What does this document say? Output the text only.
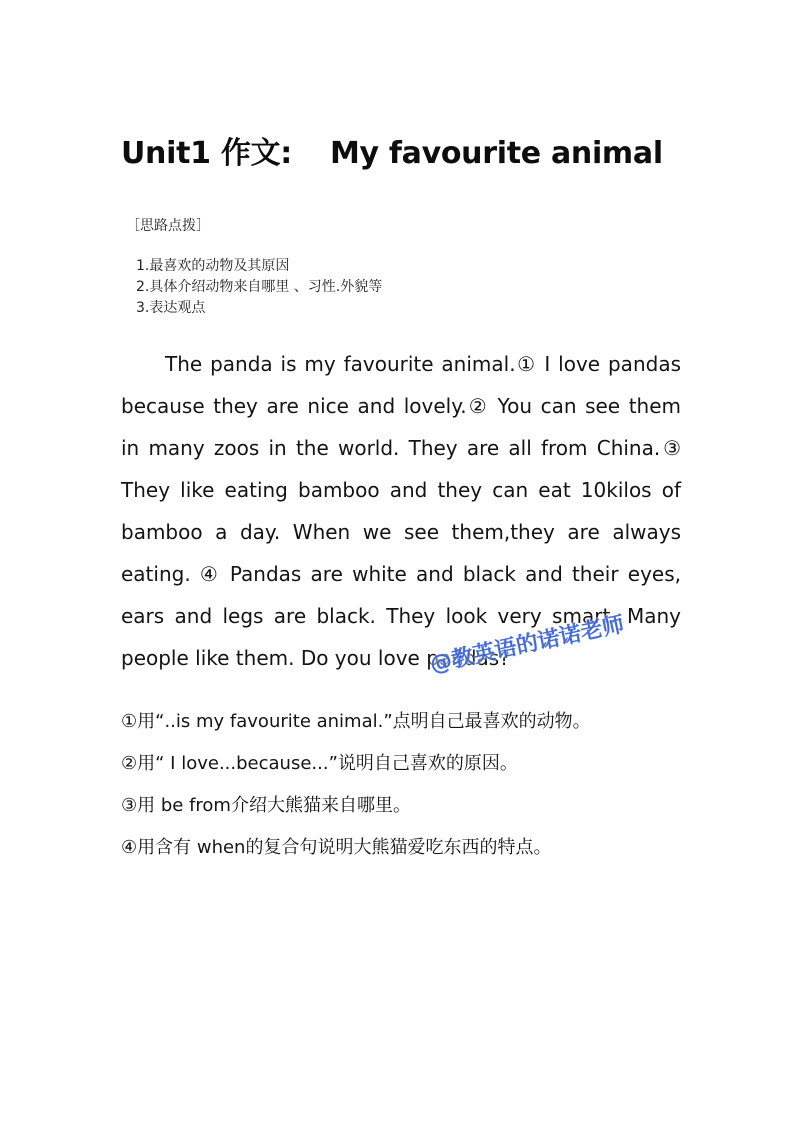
Unit1 作文: My favourite animal
［思路点拨］
1.最喜欢的动物及其原因
2.具体介绍动物来自哪里 、习性.外貌等
3.表达观点

The panda is my favourite animal.① I love pandas because they are nice and lovely.② You can see them in many zoos in the world. They are all from China.③ They like eating bamboo and they can eat 10kilos of bamboo a day. When we see them,they are always eating. ④ Pandas are white and black and their eyes, ears and legs are black. They look very smart. Many people like them. Do you love pandas?

①用“..is my favourite animal.”点明自己最喜欢的动物。
②用“ I love...because...”说明自己喜欢的原因。
③用 be from介绍大熊猫来自哪里。
④用含有 when的复合句说明大熊猫爱吃东西的特点。
@教英语的诺诺老师
